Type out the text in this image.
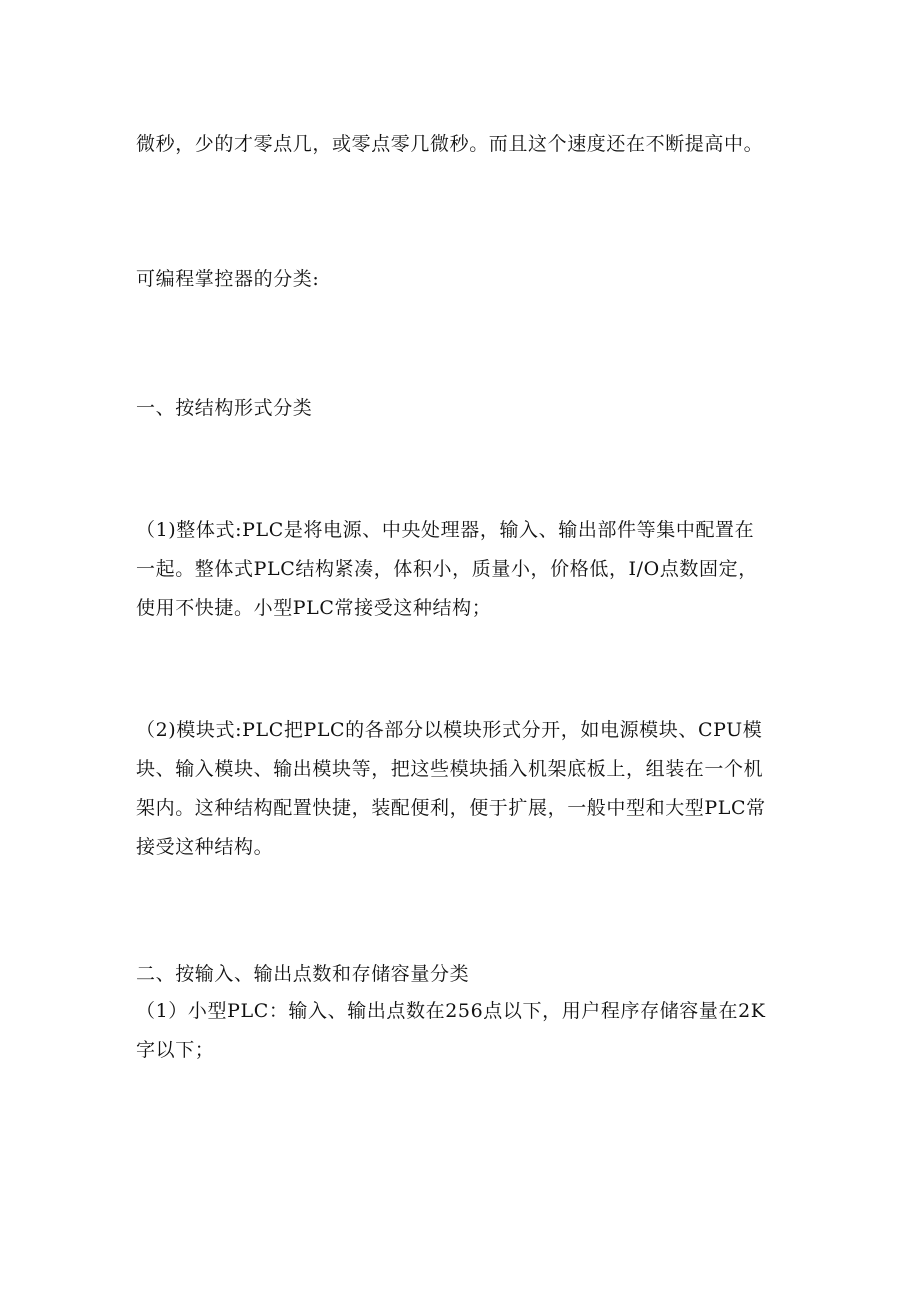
微秒，少的才零点几，或零点零几微秒。而且这个速度还在不断提高中。
可编程掌控器的分类:
一、按结构形式分类
（1)整体式:PLC是将电源、中央处理器，输入、输出部件等集中配置在
一起。整体式PLC结构紧凑，体积小，质量小，价格低，I/O点数固定，
使用不快捷。小型PLC常接受这种结构；
（2)模块式:PLC把PLC的各部分以模块形式分开，如电源模块、CPU模
块、输入模块、输出模块等，把这些模块插入机架底板上，组装在一个机
架内。这种结构配置快捷，装配便利，便于扩展，一般中型和大型PLC常
接受这种结构。
二、按输入、输出点数和存储容量分类
（1）小型PLC：输入、输出点数在256点以下，用户程序存储容量在2K
字以下；
